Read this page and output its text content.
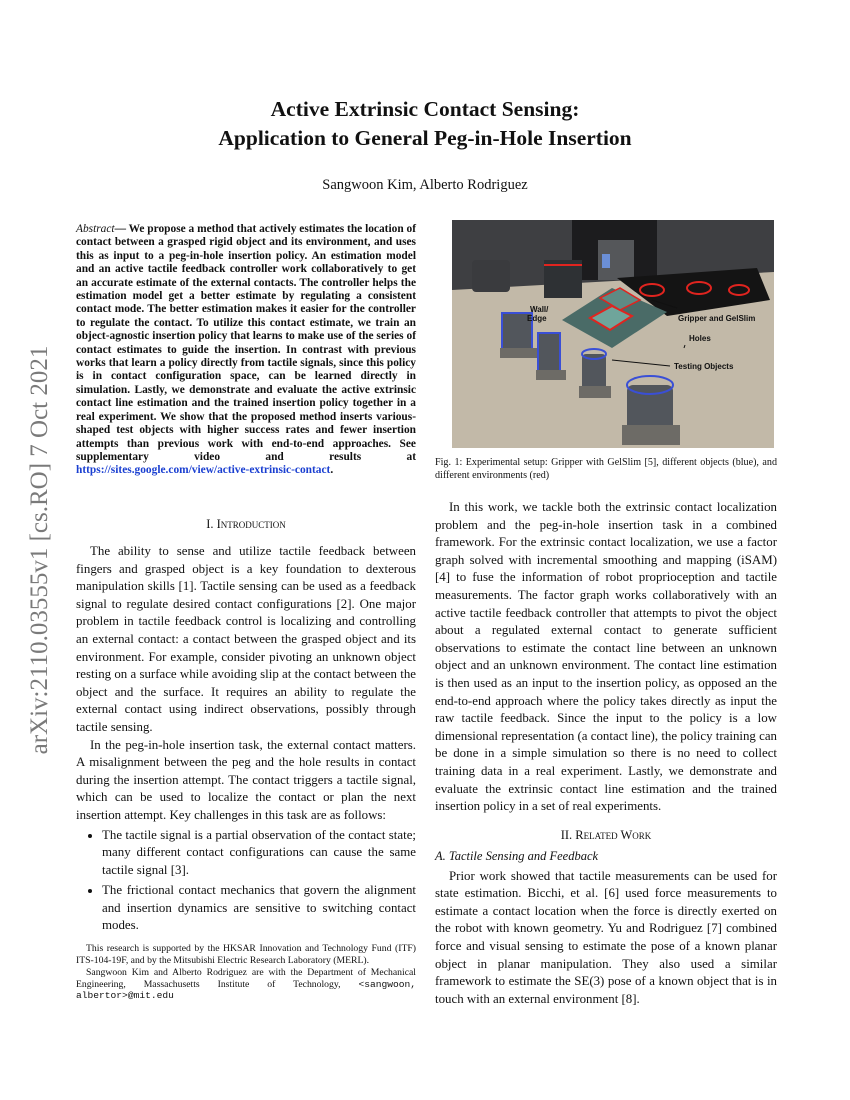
arXiv:2110.03555v1 [cs.RO] 7 Oct 2021
Active Extrinsic Contact Sensing:
Application to General Peg-in-Hole Insertion
Sangwoon Kim, Alberto Rodriguez
Abstract— We propose a method that actively estimates the location of contact between a grasped rigid object and its environment, and uses this as input to a peg-in-hole insertion policy. An estimation model and an active tactile feedback controller work collaboratively to get an accurate estimate of the external contacts. The controller helps the estimation model get a better estimate by regulating a consistent contact mode. The better estimation makes it easier for the controller to regulate the contact. To utilize this contact estimate, we train an object-agnostic insertion policy that learns to make use of the series of contact estimates to guide the insertion. In contrast with previous works that learn a policy directly from tactile signals, since this policy is in contact configuration space, can be learned directly in simulation. Lastly, we demonstrate and evaluate the active extrinsic contact line estimation and the trained insertion policy together in a real experiment. We show that the proposed method inserts various-shaped test objects with higher success rates and fewer insertion attempts than previous work with end-to-end approaches. See supplementary video and results at https://sites.google.com/view/active-extrinsic-contact.
I. Introduction

The ability to sense and utilize tactile feedback between fingers and grasped object is a key foundation to dexterous manipulation skills [1]. Tactile sensing can be used as a feedback signal to regulate desired contact configurations [2]. One major problem in tactile feedback control is localizing and controlling an external contact: a contact between the grasped object and its environment. For example, consider pivoting an unknown object resting on a surface while avoiding slip at the contact between the object and the surface. It requires an ability to regulate the external contact using indirect observations, possibly through tactile sensing.

In the peg-in-hole insertion task, the external contact matters. A misalignment between the peg and the hole results in contact during the insertion attempt. The contact triggers a tactile signal, which can be used to localize the contact or plan the next insertion attempt. Key challenges in this task are as follows:

• The tactile signal is a partial observation of the contact state; many different contact configurations can cause the same tactile signal [3].
• The frictional contact mechanics that govern the alignment and insertion dynamics are sensitive to switching contact modes.

This research is supported by the HKSAR Innovation and Technology Fund (ITF) ITS-104-19F, and by the Mitsubishi Electric Research Laboratory (MERL).

Sangwoon Kim and Alberto Rodriguez are with the Department of Mechanical Engineering, Massachusetts Institute of Technology, <sangwoon, albertor>@mit.edu

Wall/
Edge	Gripper and GelSlim
Holes
Testing Objects
Fig. 1: Experimental setup: Gripper with GelSlim [5], different objects (blue), and different environments (red)

In this work, we tackle both the extrinsic contact localization problem and the peg-in-hole insertion task in a combined framework. For the extrinsic contact localization, we use a factor graph solved with incremental smoothing and mapping (iSAM) [4] to fuse the information of robot proprioception and tactile measurements. The factor graph works collaboratively with an active tactile feedback controller that attempts to pivot the object about a regulated external contact to generate sufficient observations to estimate the contact line between an unknown object and an unknown environment. The contact line estimation is then used as an input to the insertion policy, as opposed an the end-to-end approach where the policy takes directly as input the raw tactile feedback. Since the input to the policy is a low dimensional representation (a contact line), the policy training can be done in a simple simulation so there is no need to collect training data in a real experiment. Lastly, we demonstrate and evaluate the extrinsic contact line estimation and the trained insertion policy in a set of real experiments.

II. Related Work

A. Tactile Sensing and Feedback

Prior work showed that tactile measurements can be used for state estimation. Bicchi, et al. [6] used force measurements to estimate a contact location when the force is directly exerted on the robot with known geometry. Yu and Rodriguez [7] combined force and visual sensing to estimate the pose of a known planar object in planar manipulation. They also used a similar framework to estimate the SE(3) pose of a known object that is in touch with an external environment [8].
